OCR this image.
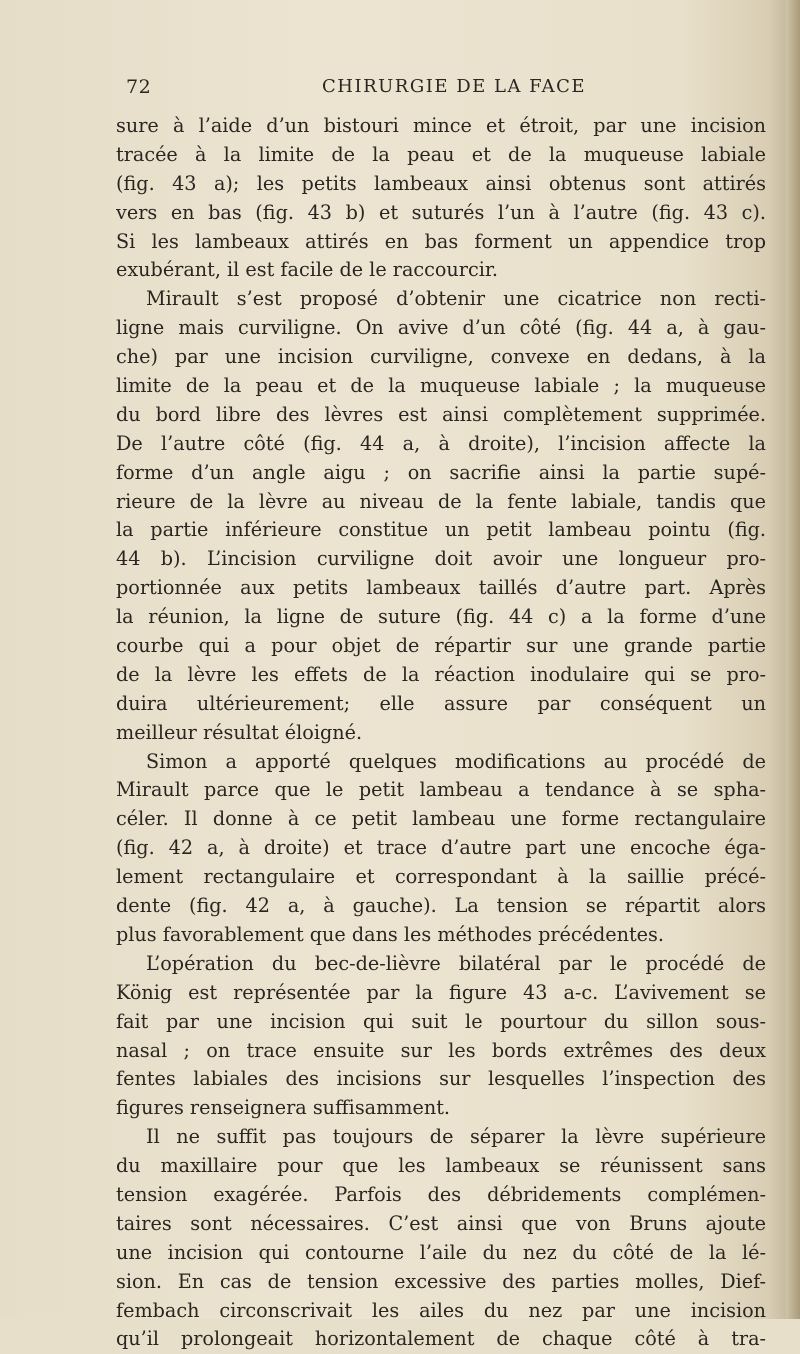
72	CHIRURGIE DE LA FACE
sure à l’aide d’un bistouri mince et étroit, par une incision
tracée à la limite de la peau et de la muqueuse labiale
(fig. 43 a); les petits lambeaux ainsi obtenus sont attirés
vers en bas (fig. 43 b) et suturés l’un à l’autre (fig. 43 c).
Si les lambeaux attirés en bas forment un appendice trop
exubérant, il est facile de le raccourcir.
Mirault s’est proposé d’obtenir une cicatrice non recti-
ligne mais curviligne. On avive d’un côté (fig. 44 a, à gau-
che) par une incision curviligne, convexe en dedans, à la
limite de la peau et de la muqueuse labiale ; la muqueuse
du bord libre des lèvres est ainsi complètement supprimée.
De l’autre côté (fig. 44 a, à droite), l’incision affecte la
forme d’un angle aigu ; on sacrifie ainsi la partie supé-
rieure de la lèvre au niveau de la fente labiale, tandis que
la partie inférieure constitue un petit lambeau pointu (fig.
44 b). L’incision curviligne doit avoir une longueur pro-
portionnée aux petits lambeaux taillés d’autre part. Après
la réunion, la ligne de suture (fig. 44 c) a la forme d’une
courbe qui a pour objet de répartir sur une grande partie
de la lèvre les effets de la réaction inodulaire qui se pro-
duira ultérieurement; elle assure par conséquent un
meilleur résultat éloigné.
Simon a apporté quelques modifications au procédé de
Mirault parce que le petit lambeau a tendance à se spha-
céler. Il donne à ce petit lambeau une forme rectangulaire
(fig. 42 a, à droite) et trace d’autre part une encoche éga-
lement rectangulaire et correspondant à la saillie précé-
dente (fig. 42 a, à gauche). La tension se répartit alors
plus favorablement que dans les méthodes précédentes.
L’opération du bec-de-lièvre bilatéral par le procédé de
König est représentée par la figure 43 a-c. L’avivement se
fait par une incision qui suit le pourtour du sillon sous-
nasal ; on trace ensuite sur les bords extrêmes des deux
fentes labiales des incisions sur lesquelles l’inspection des
figures renseignera suffisamment.
Il ne suffit pas toujours de séparer la lèvre supérieure
du maxillaire pour que les lambeaux se réunissent sans
tension exagérée. Parfois des débridements complémen-
taires sont nécessaires. C’est ainsi que von Bruns ajoute
une incision qui contourne l’aile du nez du côté de la lé-
sion. En cas de tension excessive des parties molles, Dief-
fembach circonscrivait les ailes du nez par une incision
qu’il prolongeait horizontalement de chaque côté à tra-
